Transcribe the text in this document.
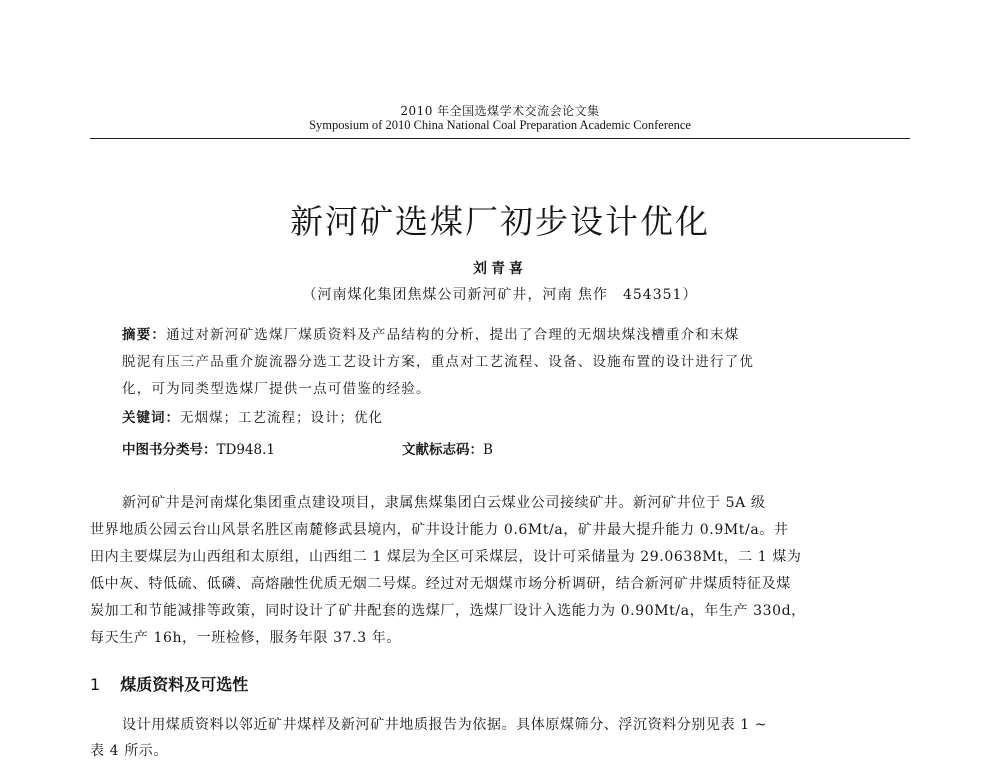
2010 年全国选煤学术交流会论文集
Symposium of 2010 China National Coal Preparation Academic Conference
新河矿选煤厂初步设计优化
刘青喜
（河南煤化集团焦煤公司新河矿井，河南 焦作　454351）
摘要：通过对新河矿选煤厂煤质资料及产品结构的分析，提出了合理的无烟块煤浅槽重介和末煤
脱泥有压三产品重介旋流器分选工艺设计方案，重点对工艺流程、设备、设施布置的设计进行了优
化，可为同类型选煤厂提供一点可借鉴的经验。
关键词：无烟煤；工艺流程；设计；优化
中图书分类号：TD948.1	文献标志码：B
新河矿井是河南煤化集团重点建设项目，隶属焦煤集团白云煤业公司接续矿井。新河矿井位于 5A 级
世界地质公园云台山风景名胜区南麓修武县境内，矿井设计能力 0.6Mt/a，矿井最大提升能力 0.9Mt/a。井
田内主要煤层为山西组和太原组，山西组二 1 煤层为全区可采煤层，设计可采储量为 29.0638Mt，二 1 煤为
低中灰、特低硫、低磷、高熔融性优质无烟二号煤。经过对无烟煤市场分析调研，结合新河矿井煤质特征及煤
炭加工和节能减排等政策，同时设计了矿井配套的选煤厂，选煤厂设计入选能力为 0.90Mt/a，年生产 330d，
每天生产 16h，一班检修，服务年限 37.3 年。
1 煤质资料及可选性
设计用煤质资料以邻近矿井煤样及新河矿井地质报告为依据。具体原煤筛分、浮沉资料分别见表 1 ~
表 4 所示。
